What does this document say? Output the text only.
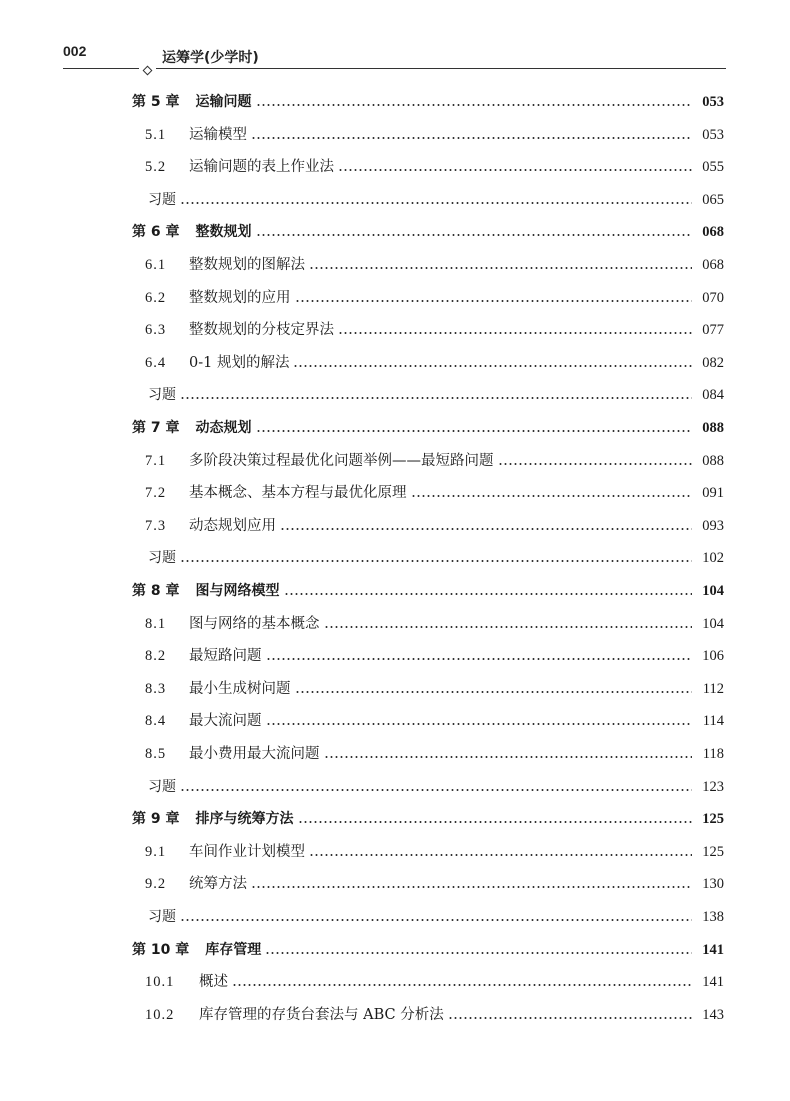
002	运筹学(少学时)
第 5 章 运输问题	053
5.1	运输模型	053
5.2	运输问题的表上作业法	055
习题	065
第 6 章 整数规划	068
6.1	整数规划的图解法	068
6.2	整数规划的应用	070
6.3	整数规划的分枝定界法	077
6.4	0-1 规划的解法	082
习题	084
第 7 章 动态规划	088
7.1	多阶段决策过程最优化问题举例——最短路问题	088
7.2	基本概念、基本方程与最优化原理	091
7.3	动态规划应用	093
习题	102
第 8 章 图与网络模型	104
8.1	图与网络的基本概念	104
8.2	最短路问题	106
8.3	最小生成树问题	112
8.4	最大流问题	114
8.5	最小费用最大流问题	118
习题	123
第 9 章 排序与统筹方法	125
9.1	车间作业计划模型	125
9.2	统筹方法	130
习题	138
第 10 章 库存管理	141
10.1	概述	141
10.2	库存管理的存货台套法与 ABC 分析法	143
